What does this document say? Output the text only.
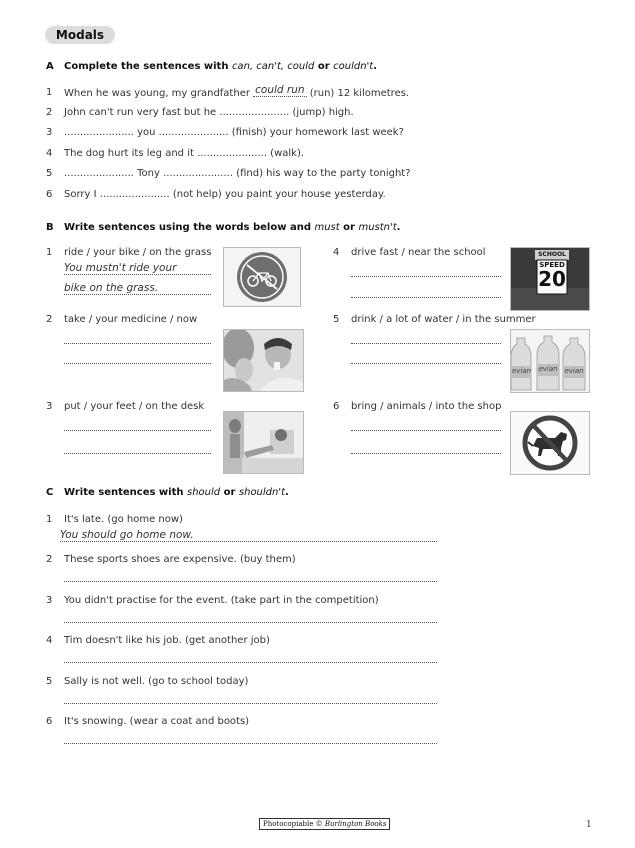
Modals
A Complete the sentences with can, can't, could or couldn't.
1	When he was young, my grandfather could run (run) 12 kilometres.
2	John can't run very fast but he ...................... (jump) high.
3	...................... you ...................... (finish) your homework last week?
4	The dog hurt its leg and it ...................... (walk).
5	...................... Tony ...................... (find) his way to the party tonight?
6	Sorry I ...................... (not help) you paint your house yesterday.
B Write sentences using the words below and must or mustn't.
1	ride / your bike / on the grass
You mustn't ride your
bike on the grass.
2	take / your medicine / now
3	put / your feet / on the desk
4	drive fast / near the school	SCHOOL
SPEED
20
5	drink / a lot of water / in the summer
evian evian evian
6	bring / animals / into the shop
C Write sentences with should or shouldn't.
1	It's late. (go home now)
You should go home now.
2	These sports shoes are expensive. (buy them)
3	You didn't practise for the event. (take part in the competition)
4	Tim doesn't like his job. (get another job)
5	Sally is not well. (go to school today)
6	It's snowing. (wear a coat and boots)
Photocopiable © Burlington Books	1
